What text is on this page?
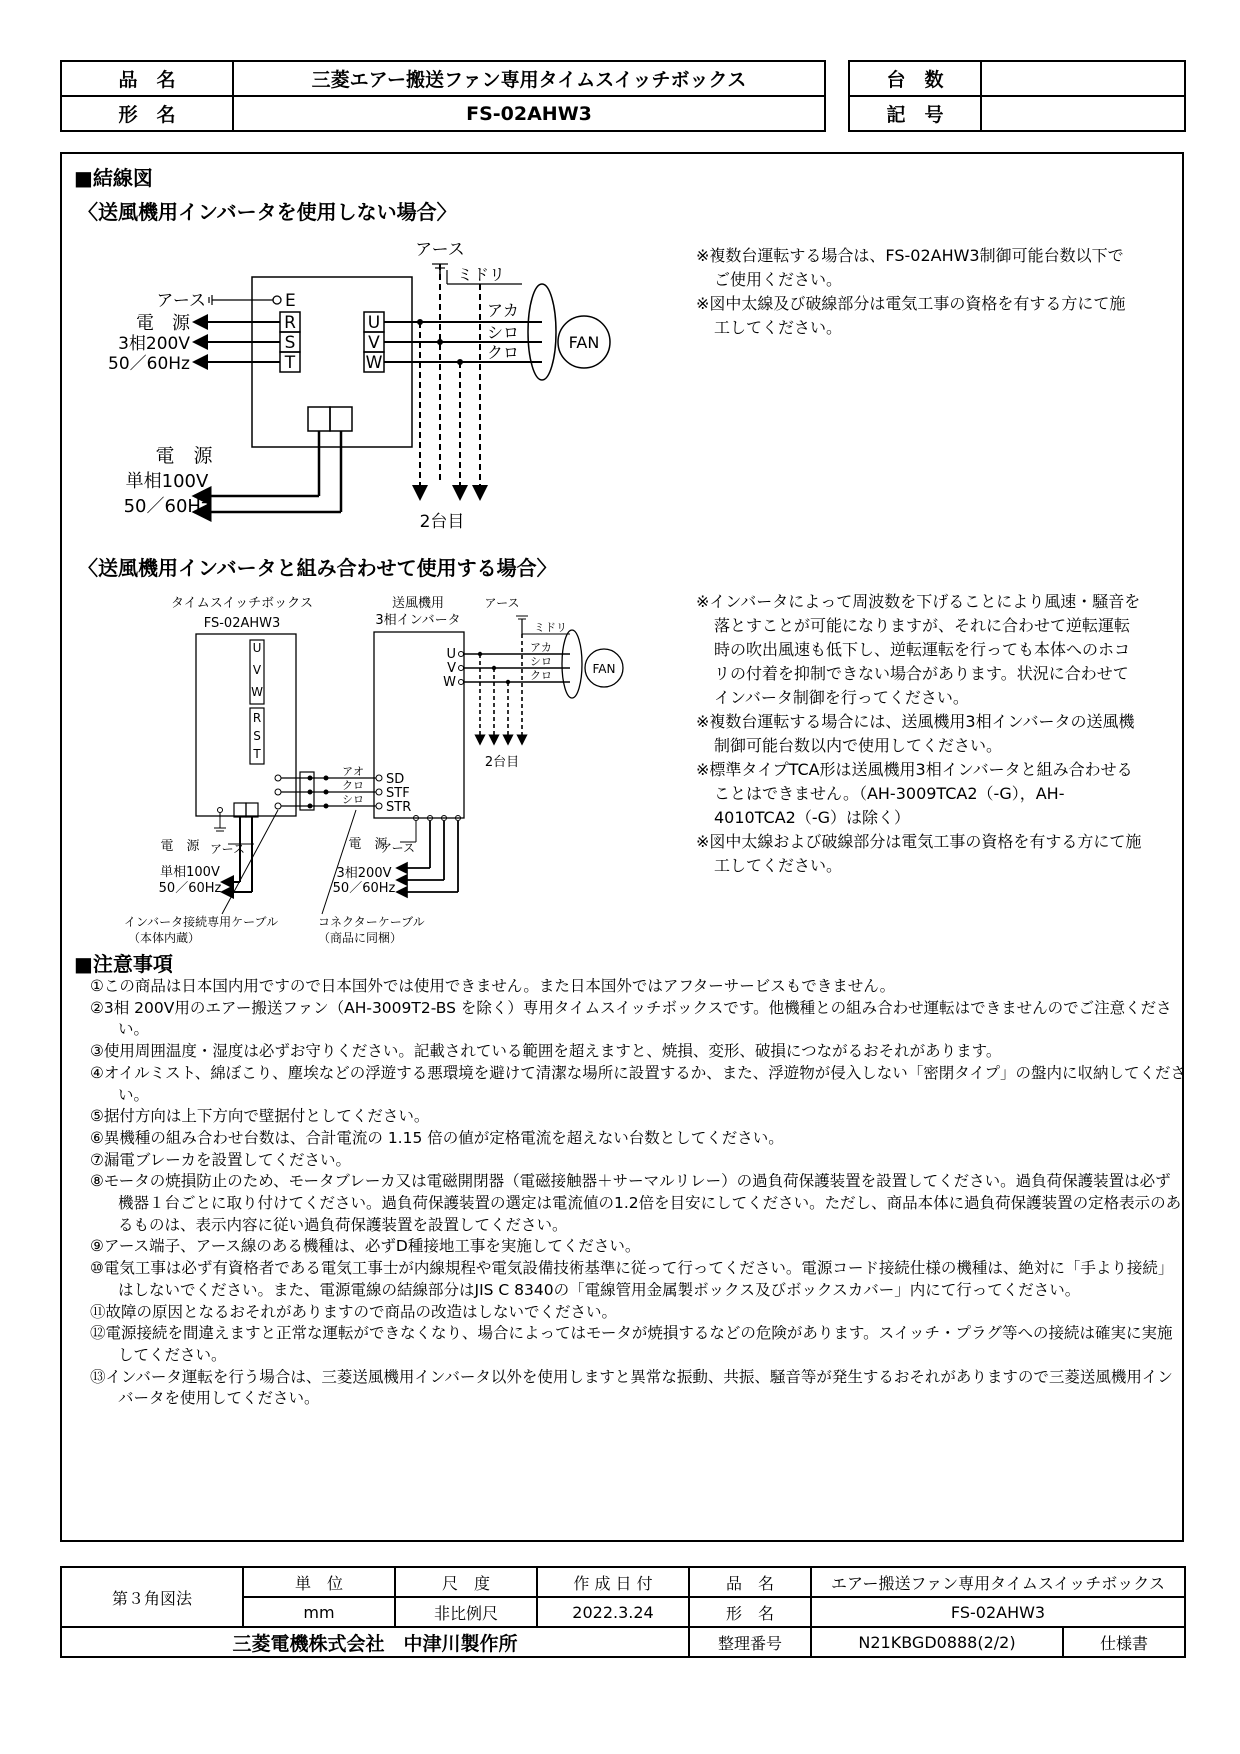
品　名	三菱エアー搬送ファン専用タイムスイッチボックス
形　名	FS-02AHW3
台　数	
記　号	
■結線図
〈送風機用インバータを使用しない場合〉
R
S
T
U
V
W
E
アース
電　源
3相200V
50／60Hz
アース
ミドリ
アカ
シロ
クロ
2台目
FAN
電　源
単相100V
50／60Hz
※複数台運転する場合は、FS-02AHW3制御可能台数以下でご使用ください。
※図中太線及び破線部分は電気工事の資格を有する方にて施工してください。
〈送風機用インバータと組み合わせて使用する場合〉
タイムスイッチボックス
FS-02AHW3
U
V
W
R
S
T
アオ
クロ
シロ
送風機用
3相インバータ
SD
STF
STR
U
V
W
アカ
シロ
クロ
2台目
アース
ミドリ
FAN
アース
電　源
3相200V
50／60Hz
アース
電　源
単相100V
50／60Hz
インバータ接続専用ケーブル
（本体内蔵）
コネクターケーブル
（商品に同梱）
※インバータによって周波数を下げることにより風速・騒音を落とすことが可能になりますが、それに合わせて逆転運転時の吹出風速も低下し、逆転運転を行っても本体へのホコリの付着を抑制できない場合があります。状況に合わせてインバータ制御を行ってください。
※複数台運転する場合には、送風機用3相インバータの送風機制御可能台数以内で使用してください。
※標準タイプTCA形は送風機用3相インバータと組み合わせることはできません。（AH-3009TCA2（-G），AH-4010TCA2（-G）は除く）
※図中太線および破線部分は電気工事の資格を有する方にて施工してください。
■注意事項
①この商品は日本国内用ですので日本国外では使用できません。また日本国外ではアフターサービスもできません。
②3相 200V用のエアー搬送ファン（AH-3009T2-BS を除く）専用タイムスイッチボックスです。他機種との組み合わせ運転はできませんのでご注意ください。
③使用周囲温度・湿度は必ずお守りください。記載されている範囲を超えますと、焼損、変形、破損につながるおそれがあります。
④オイルミスト、綿ぼこり、塵埃などの浮遊する悪環境を避けて清潔な場所に設置するか、また、浮遊物が侵入しない「密閉タイプ」の盤内に収納してください。
⑤据付方向は上下方向で壁据付としてください。
⑥異機種の組み合わせ台数は、合計電流の 1.15 倍の値が定格電流を超えない台数としてください。
⑦漏電ブレーカを設置してください。
⑧モータの焼損防止のため、モータブレーカ又は電磁開閉器（電磁接触器＋サーマルリレー）の過負荷保護装置を設置してください。過負荷保護装置は必ず機器１台ごとに取り付けてください。過負荷保護装置の選定は電流値の1.2倍を目安にしてください。ただし、商品本体に過負荷保護装置の定格表示のあるものは、表示内容に従い過負荷保護装置を設置してください。
⑨アース端子、アース線のある機種は、必ずD種接地工事を実施してください。
⑩電気工事は必ず有資格者である電気工事士が内線規程や電気設備技術基準に従って行ってください。電源コード接続仕様の機種は、絶対に「手より接続」はしないでください。また、電源電線の結線部分はJIS C 8340の「電線管用金属製ボックス及びボックスカバー」内にて行ってください。
⑪故障の原因となるおそれがありますので商品の改造はしないでください。
⑫電源接続を間違えますと正常な運転ができなくなり、場合によってはモータが焼損するなどの危険があります。スイッチ・プラグ等への接続は確実に実施してください。
⑬インバータ運転を行う場合は、三菱送風機用インバータ以外を使用しますと異常な振動、共振、騒音等が発生するおそれがありますので三菱送風機用インバータを使用してください。
第３角図法	単　位	尺　度	作 成 日 付	品　名	エアー搬送ファン専用タイムスイッチボックス	
	mm	非比例尺	2022.3.24	形　名	FS-02AHW3	
三菱電機株式会社　中津川製作所				整理番号	N21KBGD0888(2/2)	仕様書
